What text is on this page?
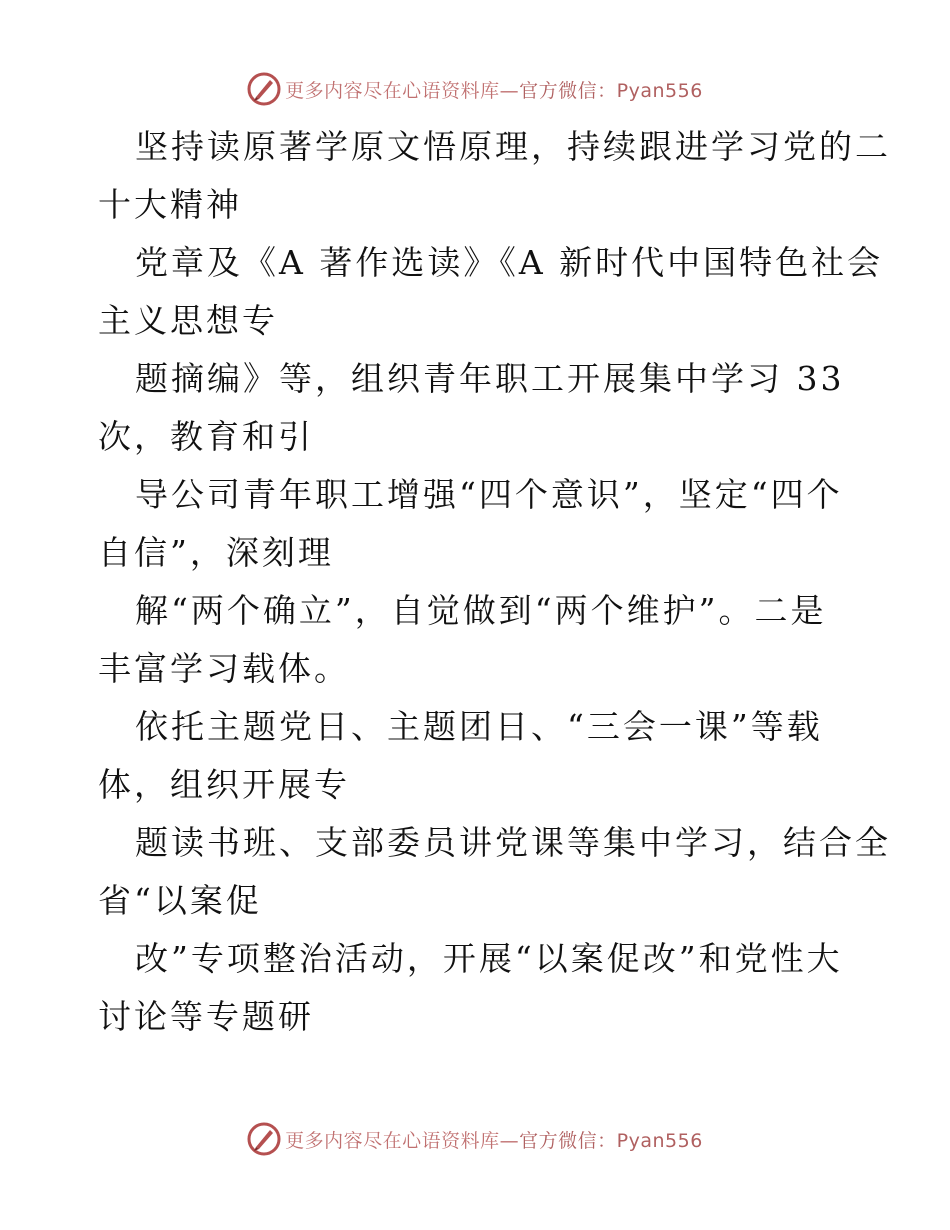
更多内容尽在心语资料库—官方微信：Pyan556
坚持读原著学原文悟原理，持续跟进学习党的二
十大精神
党章及《A 著作选读》《A 新时代中国特色社会
主义思想专
题摘编》等，组织青年职工开展集中学习 33
次，教育和引
导公司青年职工增强“四个意识”，坚定“四个
自信”，深刻理
解“两个确立”，自觉做到“两个维护”。二是
丰富学习载体。
依托主题党日、主题团日、“三会一课”等载
体，组织开展专
题读书班、支部委员讲党课等集中学习，结合全
省“以案促
改”专项整治活动，开展“以案促改”和党性大
讨论等专题研
更多内容尽在心语资料库—官方微信：Pyan556
